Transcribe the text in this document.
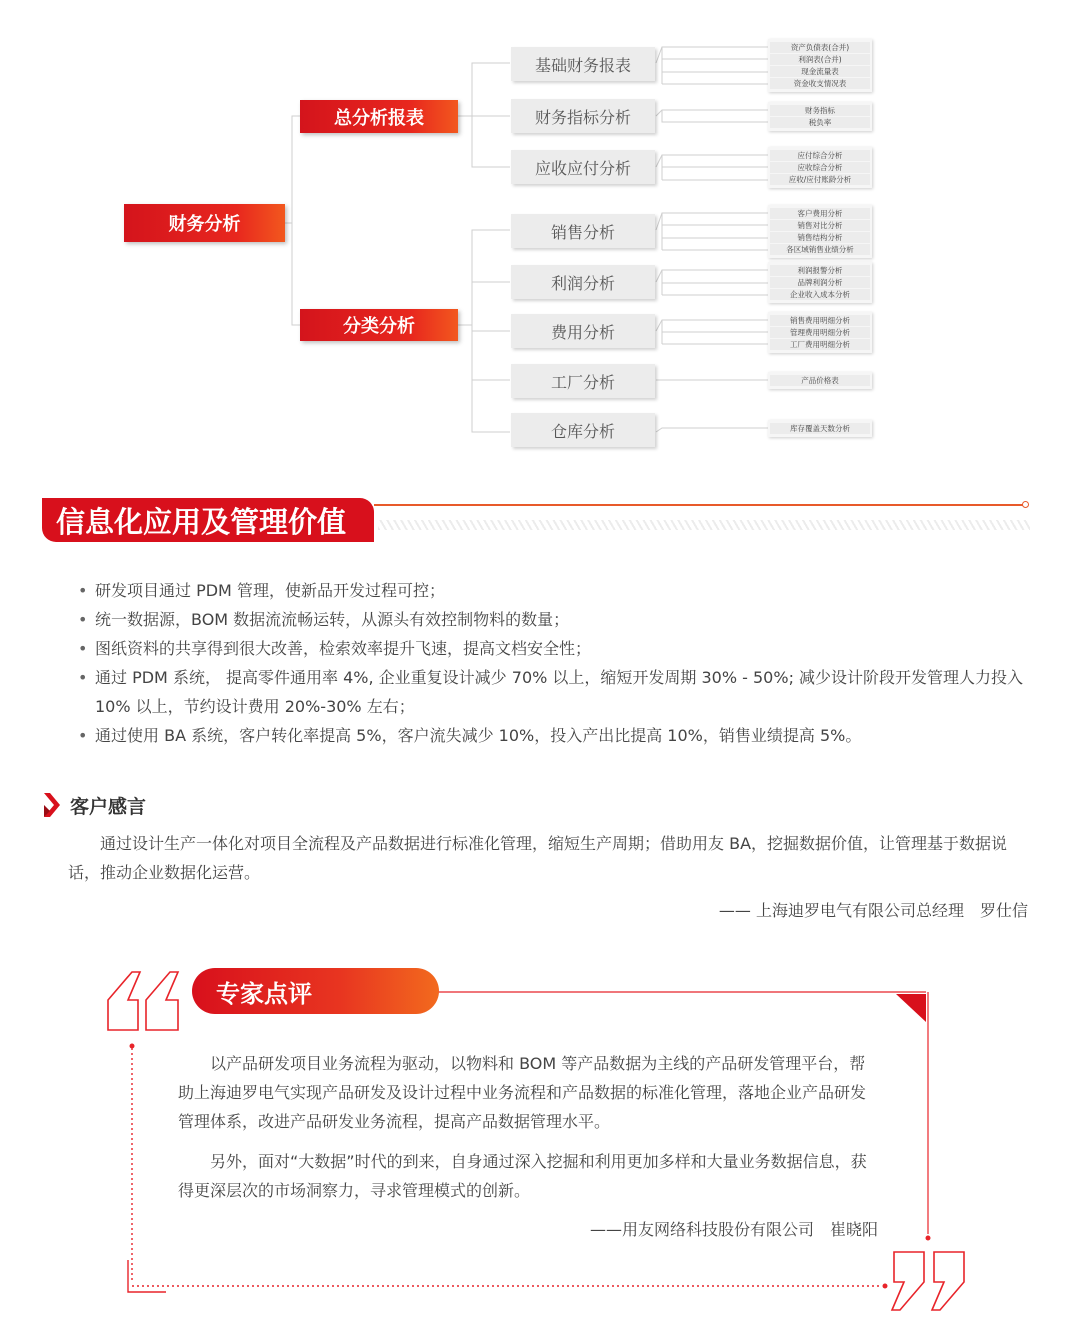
财务分析
总分析报表
分类分析
基础财务报表
财务指标分析
应收应付分析
销售分析
利润分析
费用分析
工厂分析
仓库分析
资产负债表(合并)
利润表(合并)
现金流量表
资金收支情况表
财务指标
税负率
应付综合分析
应收综合分析
应收/应付账龄分析
客户费用分析
销售对比分析
销售结构分析
各区域销售业绩分析
利润报警分析
品牌利润分析
企业收入成本分析
销售费用明细分析
管理费用明细分析
工厂费用明细分析
产品价格表
库存覆盖天数分析
信息化应用及管理价值
• 研发项目通过 PDM 管理，使新品开发过程可控；
• 统一数据源，BOM 数据流流畅运转，从源头有效控制物料的数量；
• 图纸资料的共享得到很大改善，检索效率提升飞速，提高文档安全性；
• 通过 PDM 系统， 提高零件通用率 4%, 企业重复设计减少 70% 以上，缩短开发周期 30% - 50%; 减少设计阶段开发管理人力投入 10% 以上，节约设计费用 20%-30% 左右；
• 通过使用 BA 系统，客户转化率提高 5%，客户流失减少 10%，投入产出比提高 10%，销售业绩提高 5%。
客户感言
通过设计生产一体化对项目全流程及产品数据进行标准化管理，缩短生产周期；借助用友 BA，挖掘数据价值，让管理基于数据说话，推动企业数据化运营。
—— 上海迪罗电气有限公司总经理　罗仕信
专家点评
以产品研发项目业务流程为驱动，以物料和 BOM 等产品数据为主线的产品研发管理平台，帮助上海迪罗电气实现产品研发及设计过程中业务流程和产品数据的标准化管理，落地企业产品研发管理体系，改进产品研发业务流程，提高产品数据管理水平。
另外，面对“大数据”时代的到来，自身通过深入挖掘和利用更加多样和大量业务数据信息，获得更深层次的市场洞察力，寻求管理模式的创新。
——用友网络科技股份有限公司　崔晓阳
